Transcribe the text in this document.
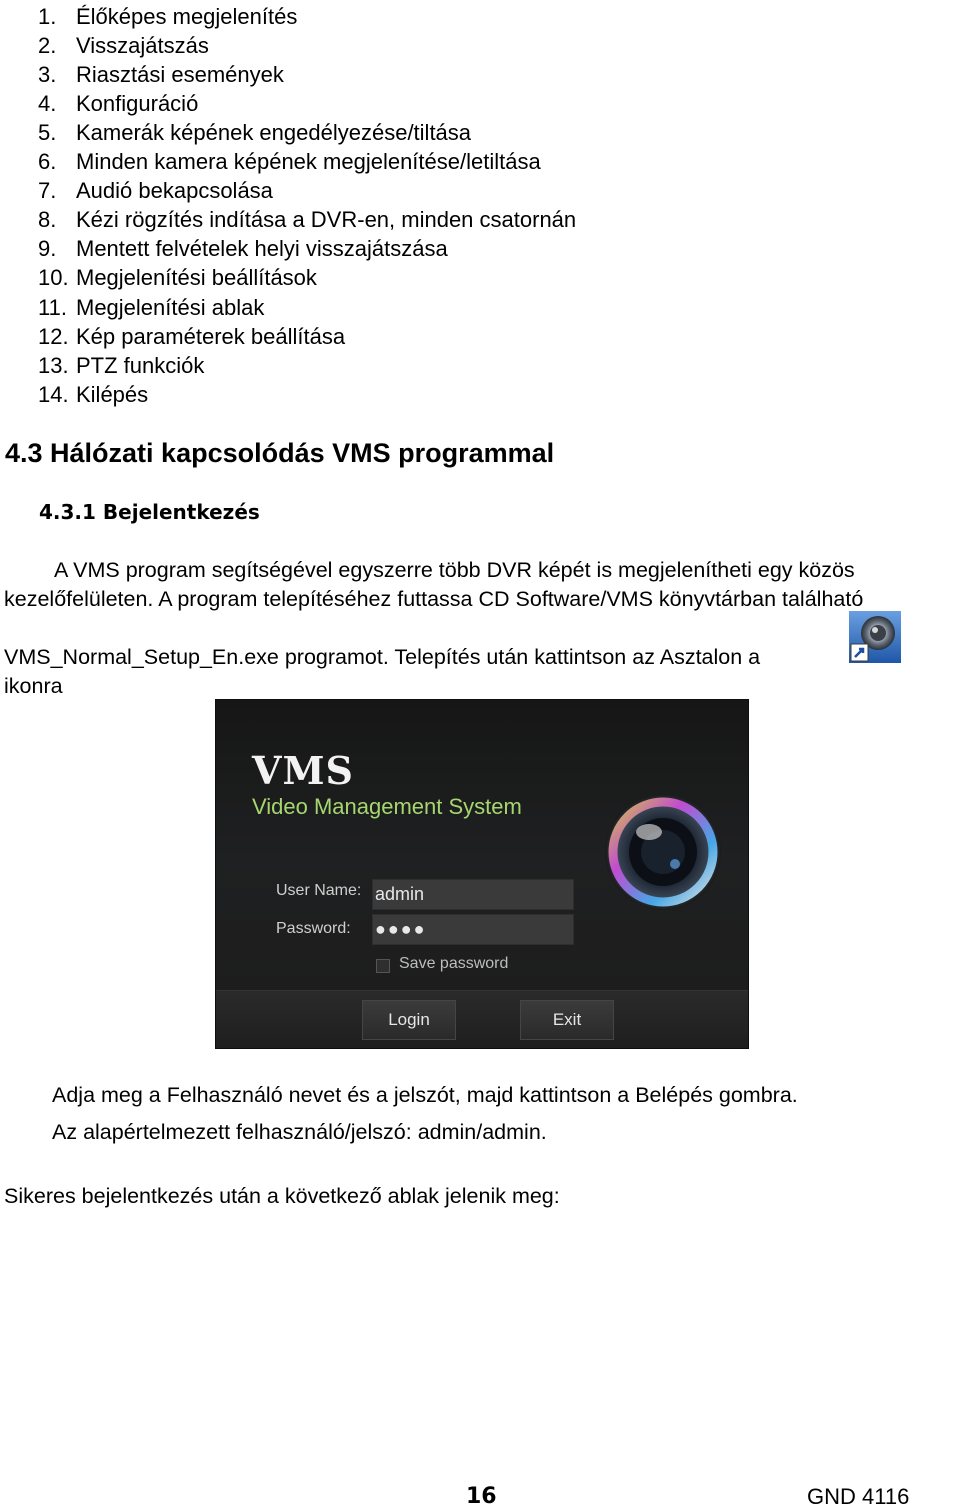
1. Élőképes megjelenítés
2. Visszajátszás
3. Riasztási események
4. Konfiguráció
5. Kamerák képének engedélyezése/tiltása
6. Minden kamera képének megjelenítése/letiltása
7. Audió bekapcsolása
8. Kézi rögzítés indítása a DVR-en, minden csatornán
9. Mentett felvételek helyi visszajátszása
10. Megjelenítési beállítások
11. Megjelenítési ablak
12. Kép paraméterek beállítása
13. PTZ funkciók
14. Kilépés
4.3 Hálózati kapcsolódás VMS programmal
4.3.1 Bejelentkezés

A VMS program segítségével egyszerre több DVR képét is megjelenítheti egy közös

kezelőfelületen. A program telepítéséhez futtassa CD Software/VMS könyvtárban található

VMS_Normal_Setup_En.exe programot. Telepítés után kattintson az Asztalon a

ikonra

VMS
Video Management System
User Name: admin
Password: ●●●●
Save password
Login	Exit

Adja meg a Felhasználó nevet és a jelszót, majd kattintson a Belépés gombra.

Az alapértelmezett felhasználó/jelszó: admin/admin.

Sikeres bejelentkezés után a következő ablak jelenik meg:

16	GND 4116
